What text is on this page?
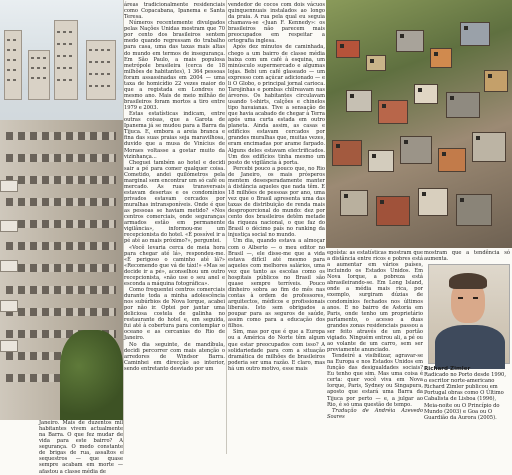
Janeiro. Mais de duzentos mil habitantes vivem actualmente na Barra. O que fez mudar de vida para este bairro? A segurança. O medo constante de brigas de rua, assaltos e sequestros — que quase sempre acabam em morte — afastou a classe média de

áreas tradicionalmente residenciais como Copacabana, Ipanema e Santa Teresa.

Números recentemente divulgados pelas Nações Unidas mostram que 70 por cento dos brasileiros sentem medo quando regressam do trabalho para casa, uma das taxas mais altas do mundo em termos de insegurança. Em São Paulo, a mais populosa metrópole brasileira (cerca de 18 milhões de habitantes), 1 364 pessoas foram assassinadas em 2004 — uma taxa de homicídio 22 vezes maior do que a registada em Londres no mesmo ano. Mais de meio milhão de brasileiros foram mortos a tiro entre 1979 e 2003.

Estas estatísticas indicam, entre outras coisas, que a Garota de Ipanema já se mudou para a Barra da Tijuca. E, embora a areia branca e fina das suas praias seja maravilhosa, duvido que a musa de Vinícius de Moraes voltasse a gostar muito da vizinhança...

Cheguei também ao hotel e decidi sair a pé para comer qualquer coisa. Cometido, andei quilómetros pela marginal sem encontrar um só café ou mercado. As ruas transversais estavam desertas e os condomínios privados estavam cercados por muralhas intransponíveis. Onde é que as pessoas se haviam metido? «Nos centros comerciais, onde seguranças armados estão em permanente vigilância», informou-me um recepcionista do hotel. «É possível ir a pé até ao mais próximo?», perguntei.

«Você levaria cerca de meia hora para chegar até lá», respondeu-me. «É perigoso o caminho até lá?» «Recomendo que vá de táxi!» «Mas se decide ir a pé», aconselhou um outro recepcionista, «não use o seu anel e esconda a máquina fotográfica».

Como frequentei centros comerciais durante toda a minha adolescência nos subúrbios de Nova Iorque, acabei por não ir. Optei por jantar uma deliciosa costela de galinha no restaurante do hotel e, em seguida, fui até à cobertura para contemplar o oceano e as cercanias do Rio de Janeiro.

No dia seguinte, de mandíbula, decidi percorrer com mais atenção o arredores de Windsor Barra. Caminhei em direcção ao interior, sendo entretanto desviado por um

vendedor de cocos com dois vácuos quinquennuais instalados ao longo da praia. A rua pela qual eu seguia chamava-se «Juan F. Kennedy»: os brasileiros não parecem mais preocupados em respeitar a ortografia inglesa.

Após dez minutos de caminhada, chego a um bairro de classe média baixa com um café à esquina, um minúsculo supermercado e algumas lojas. Bebi um café glaseado — um expresso com açúcar adicionado — e li O Globo, o principal jornal carioca. Tarojinhas e pombas chilreavam nas árvores. Os habitantes circulavam usando t-shirts, calções e chinelos tipo havaianas. Tive a sensação de que havia acabado de chegar à Terra após uma curta estada em outro planeta. Ainda assim, as casas e edifícios estavam cercados por grandes muralhas que, muitas vezes, eram encimadas por arame farpado. Alguns deles estavam electrificados. Um dos edifícios tinha mesmo um posto de vigilância à porta.

Percebi pouco a pouco que, no Rio de Janeiro, os mais prósperos mentem desesperadamente manter à distância aqueles que nada têm. E 18 milhões de pessoas por ano, uma vez que o Brasil apresenta uma das taxas de distribuição de renda mais desproporcional do mundo: dez por cento dos brasileiros detêm metade da riqueza nacional, o que faz do Brasil o décimo país no ranking da injustiça social no mundo.

Um dia, quando estava a almoçar com o Alberto — o meu editor no Brasil —, ele disse-me que a vida estava difícil até mesmo para aqueles com melhores salários, uma vez que tanto as escolas como os hospitais públicos no Brasil são quase sempre terríveis. Pouco dinheiro sobra ao fim do mês nas contas à ordem de professores, arquitectos, médicos e profissionais liberais. Isto sem obrigados a poupar para as seguros de saúde, assim como para a educação dos filhos.

Sim, mas por que é que a Europa ou a América do Norte têm algum que estar preocupados com isso? A solidariedade para com a situação dramática de milhões de brasileiros poderia ser uma razão. E claro, mas há um outro motivo, esse mais

egoísta: as estatísticas mostram que a distância entre ricos e pobres está a aumentar em vários países, incluindo os Estados Unidos. Em Nova Iorque, a pobreza está abrasileirando-se. Em Long Island, onde a média mais rica, por exemplo, surgiram dúzias de condomínios fechados nos últimos anos. E no bairro de Astoria em Paris, onde tenho um proprietário parlamento, o acesso a duas grandes zonas residenciais passou a ser feito através de um portão vigiado. Ninguém entrou ali, a pé ou ao volante de um carro, sem ser previamente anunciado.

Tendeiré a visibilizar, agravar-se na Europa e nos Estados Unidos em função das desigualdades sociais? Eu tenho que sim. Mas uma coisa é certa: quer você viva em Nova Iorque, Paris, Sydney ou Singapura, aposto que estará uma Barra da Tijuca por perto — e, a julgar ao Rio, é só uma questão de tempo.

Tradução de Andréia Azevedo Soares

mostram que a tendência só aumenta.

Richard Zimler
Radicado no Porto desde 1990, o escritor norte-americano Richard Zimler publicou em Portugal obras como O Último Cabalista de Lisboa (1996), Meia-noite ou O Princípio do Mundo (2003) e Goa ou O Guardião da Aurora (2005).
